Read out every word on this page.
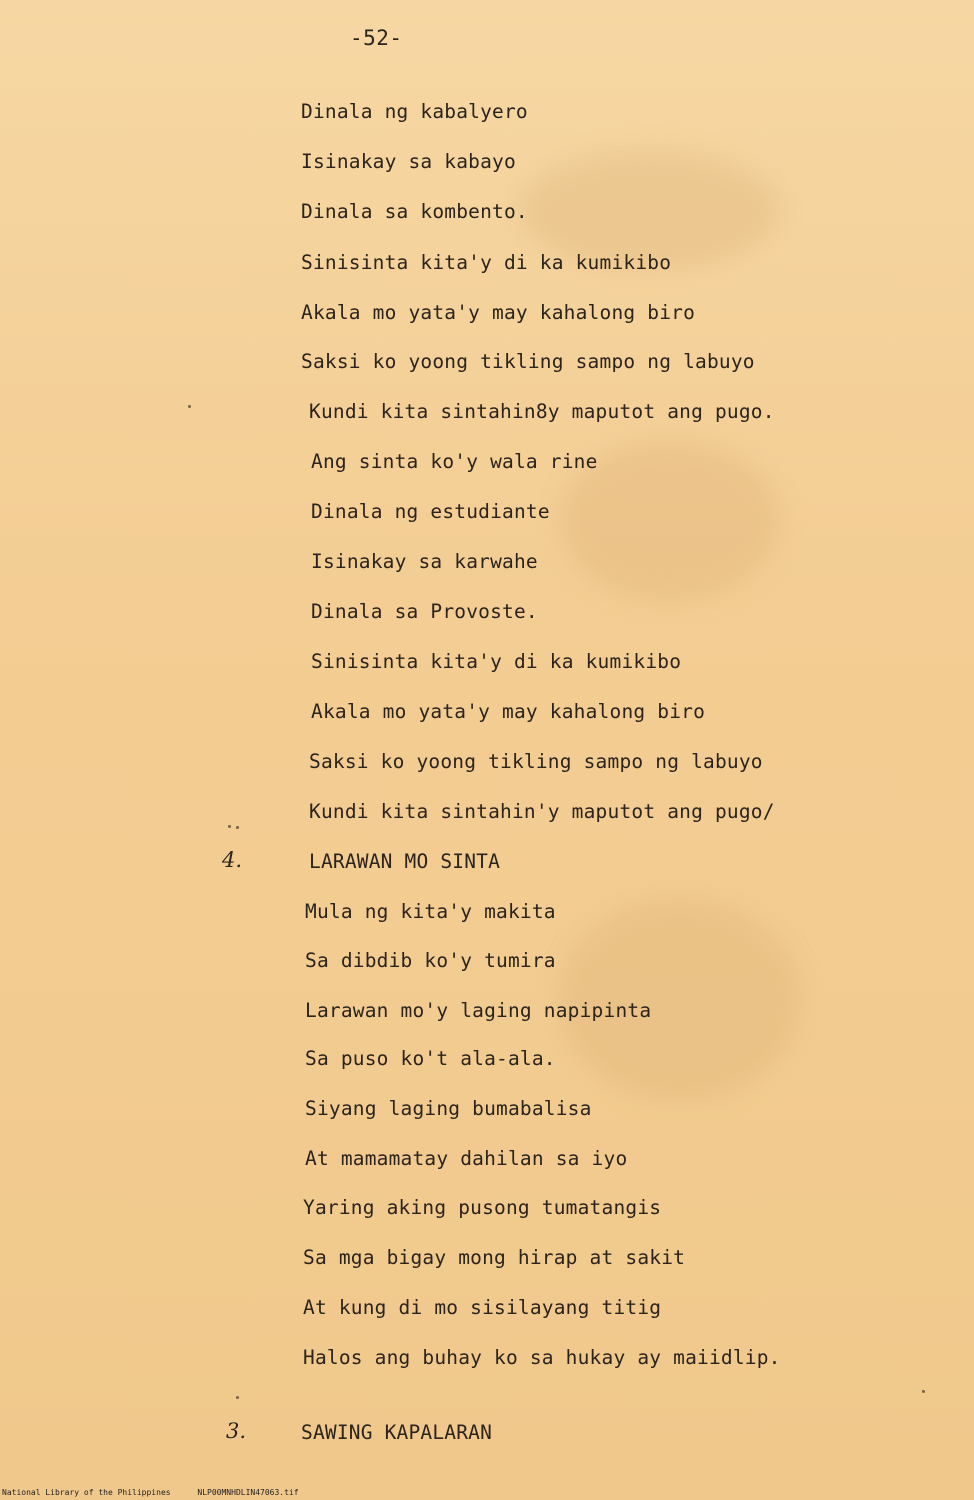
-52-
Dinala ng kabalyero
Isinakay sa kabayo
Dinala sa kombento.
Sinisinta kita'y di ka kumikibo
Akala mo yata'y may kahalong biro
Saksi ko yoong tikling sampo ng labuyo
Kundi kita sintahin8y maputot ang pugo.
Ang sinta ko'y wala rine
Dinala ng estudiante
Isinakay sa karwahe
Dinala sa Provoste.
Sinisinta kita'y di ka kumikibo
Akala mo yata'y may kahalong biro
Saksi ko yoong tikling sampo ng labuyo
Kundi kita sintahin'y maputot ang pugo/
4.	LARAWAN MO SINTA
Mula ng kita'y makita
Sa dibdib ko'y tumira
Larawan mo'y laging napipinta
Sa puso ko't ala-ala.
Siyang laging bumabalisa
At mamamatay dahilan sa iyo
Yaring aking pusong tumatangis
Sa mga bigay mong hirap at sakit
At kung di mo sisilayang titig
Halos ang buhay ko sa hukay ay maiidlip.
3.	SAWING KAPALARAN
National Library of the Philippines	NLP00MNHDLIN47063.tif
